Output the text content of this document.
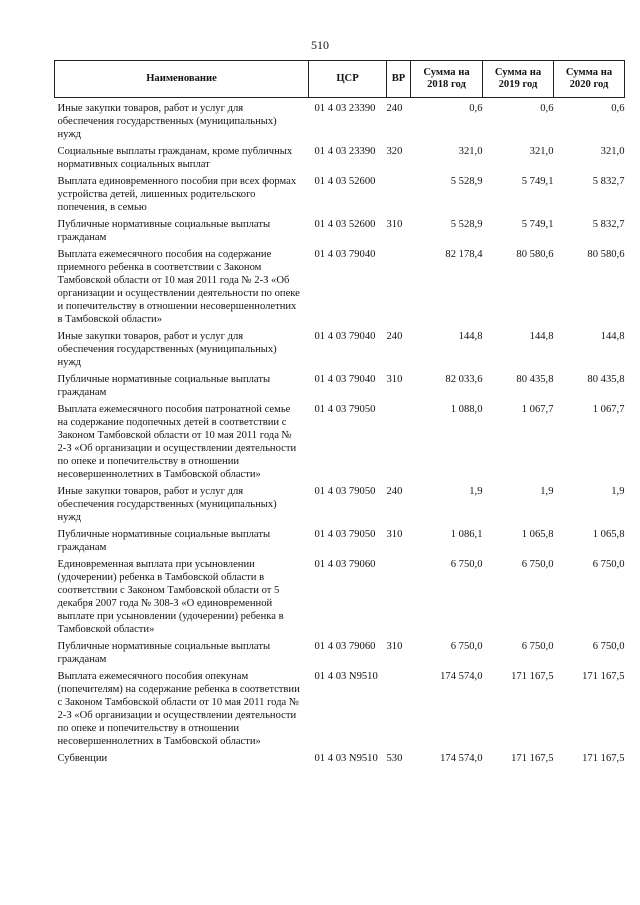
510
Наименование	ЦСР	ВР	Сумма на 2018 год	Сумма на 2019 год	Сумма на 2020 год
Иные закупки товаров, работ и услуг для обеспечения государственных (муниципальных) нужд	01 4 03 23390	240	0,6	0,6	0,6
Социальные выплаты гражданам, кроме публичных нормативных социальных выплат	01 4 03 23390	320	321,0	321,0	321,0
Выплата единовременного пособия при всех формах устройства детей, лишенных родительского попечения, в семью	01 4 03 52600		5 528,9	5 749,1	5 832,7
Публичные нормативные социальные выплаты гражданам	01 4 03 52600	310	5 528,9	5 749,1	5 832,7
Выплата ежемесячного пособия на содержание приемного ребенка в соответствии с Законом Тамбовской области от 10 мая 2011 года № 2-З «Об организации и осуществлении деятельности по опеке и попечительству в отношении несовершеннолетних в Тамбовской области»	01 4 03 79040		82 178,4	80 580,6	80 580,6
Иные закупки товаров, работ и услуг для обеспечения государственных (муниципальных) нужд	01 4 03 79040	240	144,8	144,8	144,8
Публичные нормативные социальные выплаты гражданам	01 4 03 79040	310	82 033,6	80 435,8	80 435,8
Выплата ежемесячного пособия патронатной семье на содержание подопечных детей в соответствии с Законом Тамбовской области от 10 мая 2011 года № 2-З «Об организации и осуществлении деятельности по опеке и попечительству в отношении несовершеннолетних в Тамбовской области»	01 4 03 79050		1 088,0	1 067,7	1 067,7
Иные закупки товаров, работ и услуг для обеспечения государственных (муниципальных) нужд	01 4 03 79050	240	1,9	1,9	1,9
Публичные нормативные социальные выплаты гражданам	01 4 03 79050	310	1 086,1	1 065,8	1 065,8
Единовременная выплата при усыновлении (удочерении) ребенка в Тамбовской области в соответствии с Законом Тамбовской области от 5 декабря 2007 года № 308-З «О единовременной выплате при усыновлении (удочерении) ребенка в Тамбовской области»	01 4 03 79060		6 750,0	6 750,0	6 750,0
Публичные нормативные социальные выплаты гражданам	01 4 03 79060	310	6 750,0	6 750,0	6 750,0
Выплата ежемесячного пособия опекунам (попечителям) на содержание ребенка в соответствии с Законом Тамбовской области от 10 мая 2011 года № 2-З «Об организации и осуществлении деятельности по опеке и попечительству в отношении несовершеннолетних в Тамбовской области»	01 4 03 N9510		174 574,0	171 167,5	171 167,5
Субвенции	01 4 03 N9510	530	174 574,0	171 167,5	171 167,5
